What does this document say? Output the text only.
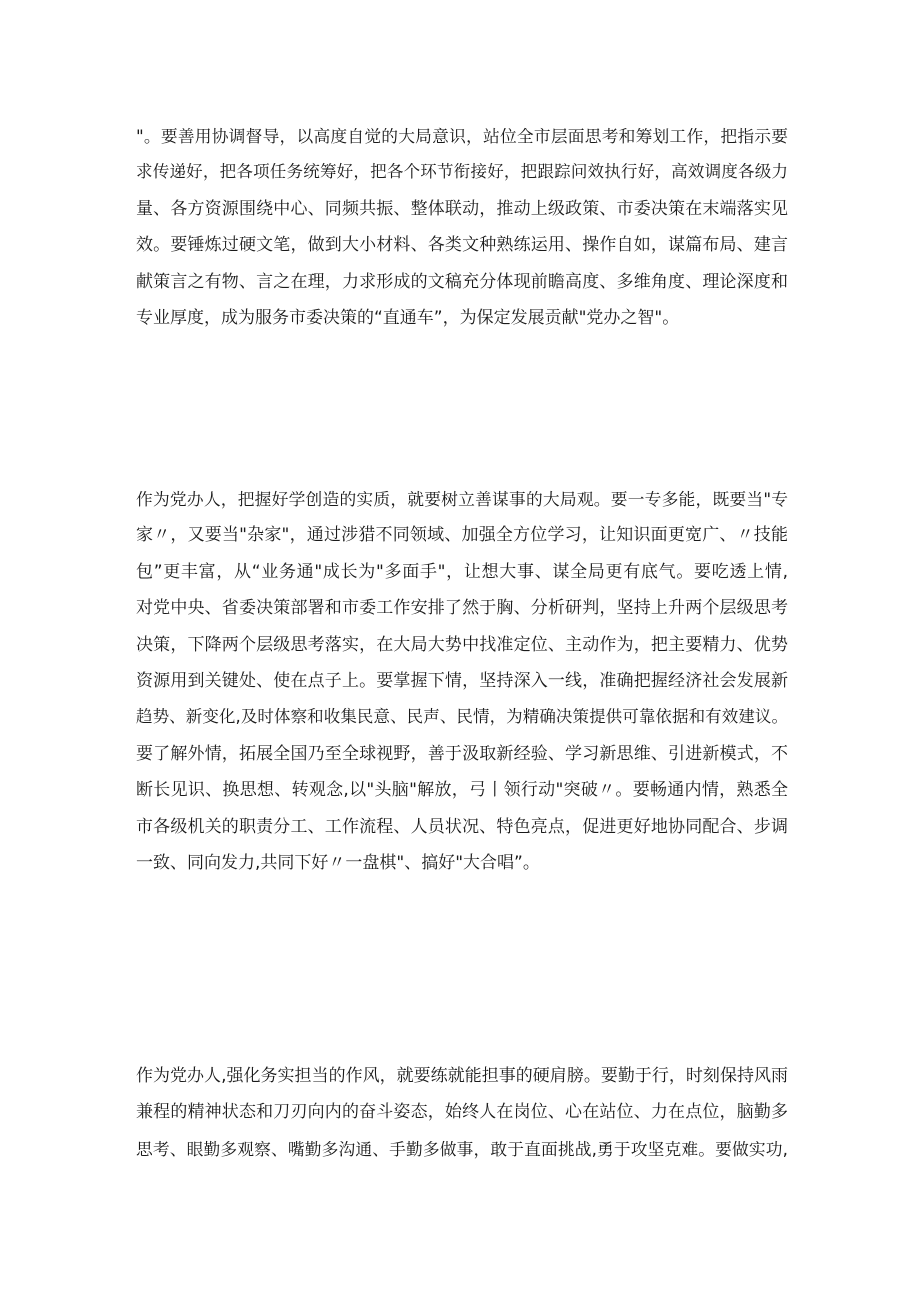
"。要善用协调督导，以高度自觉的大局意识，站位全市层面思考和筹划工作，把指示要
求传递好，把各项任务统筹好，把各个环节衔接好，把跟踪问效执行好，高效调度各级力
量、各方资源围绕中心、同频共振、整体联动，推动上级政策、市委决策在末端落实见
效。要锤炼过硬文笔，做到大小材料、各类文种熟练运用、操作自如，谋篇布局、建言
献策言之有物、言之在理，力求形成的文稿充分体现前瞻高度、多维角度、理论深度和
专业厚度，成为服务市委决策的“直通车”，为保定发展贡献"党办之智"。

作为党办人，把握好学创造的实质，就要树立善谋事的大局观。要一专多能，既要当"专
家〃，又要当"杂家"，通过涉猎不同领域、加强全方位学习，让知识面更宽广、〃技能
包”更丰富，从“业务通"成长为"多面手"，让想大事、谋全局更有底气。要吃透上情,
对党中央、省委决策部署和市委工作安排了然于胸、分析研判，坚持上升两个层级思考
决策，下降两个层级思考落实，在大局大势中找准定位、主动作为，把主要精力、优势
资源用到关键处、使在点子上。要掌握下情，坚持深入一线，准确把握经济社会发展新
趋势、新变化,及时体察和收集民意、民声、民情，为精确决策提供可靠依据和有效建议。
要了解外情，拓展全国乃至全球视野，善于汲取新经验、学习新思维、引进新模式，不
断长见识、换思想、转观念,以"头脑"解放，弓丨领行动"突破〃。要畅通内情，熟悉全
市各级机关的职责分工、工作流程、人员状况、特色亮点，促进更好地协同配合、步调
一致、同向发力,共同下好〃一盘棋"、搞好"大合唱”。

作为党办人,强化务实担当的作风，就要练就能担事的硬肩膀。要勤于行，时刻保持风雨
兼程的精神状态和刀刃向内的奋斗姿态，始终人在岗位、心在站位、力在点位，脑勤多
思考、眼勤多观察、嘴勤多沟通、手勤多做事，敢于直面挑战,勇于攻坚克难。要做实功,
